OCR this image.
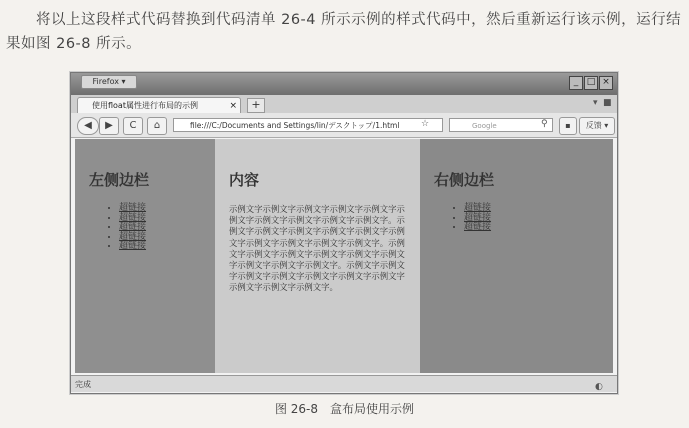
将以上这段样式代码替换到代码清单 26-4 所示示例的样式代码中，然后重新运行该示例，运行结果如图 26-8 所示。
Firefox ▾	_ □ ×
使用float属性进行布局的示例	×	+	▾ ■
◀	▶	C	⌂	file:///C:/Documents and Settings/lin/デスクトップ/1.html	☆	Google	⚲	▪	反馈 ▾
左侧边栏
• 超链接
• 超链接
• 超链接
• 超链接
• 超链接
内容
示例文字示例文字示例文字示例文字示例文字示例文字示例文字示例文字示例文字示例文字。示例文字示例文字示例文字示例文字示例文字示例文字示例文字示例文字示例文字示例文字。示例文字示例文字示例文字示例文字示例文字示例文字示例文字示例文字示例文字。示例文字示例文字示例文字示例文字示例文字示例文字示例文字示例文字示例文字示例文字。
右侧边栏
• 超链接
• 超链接
• 超链接
完成	◐
图 26-8　盒布局使用示例
